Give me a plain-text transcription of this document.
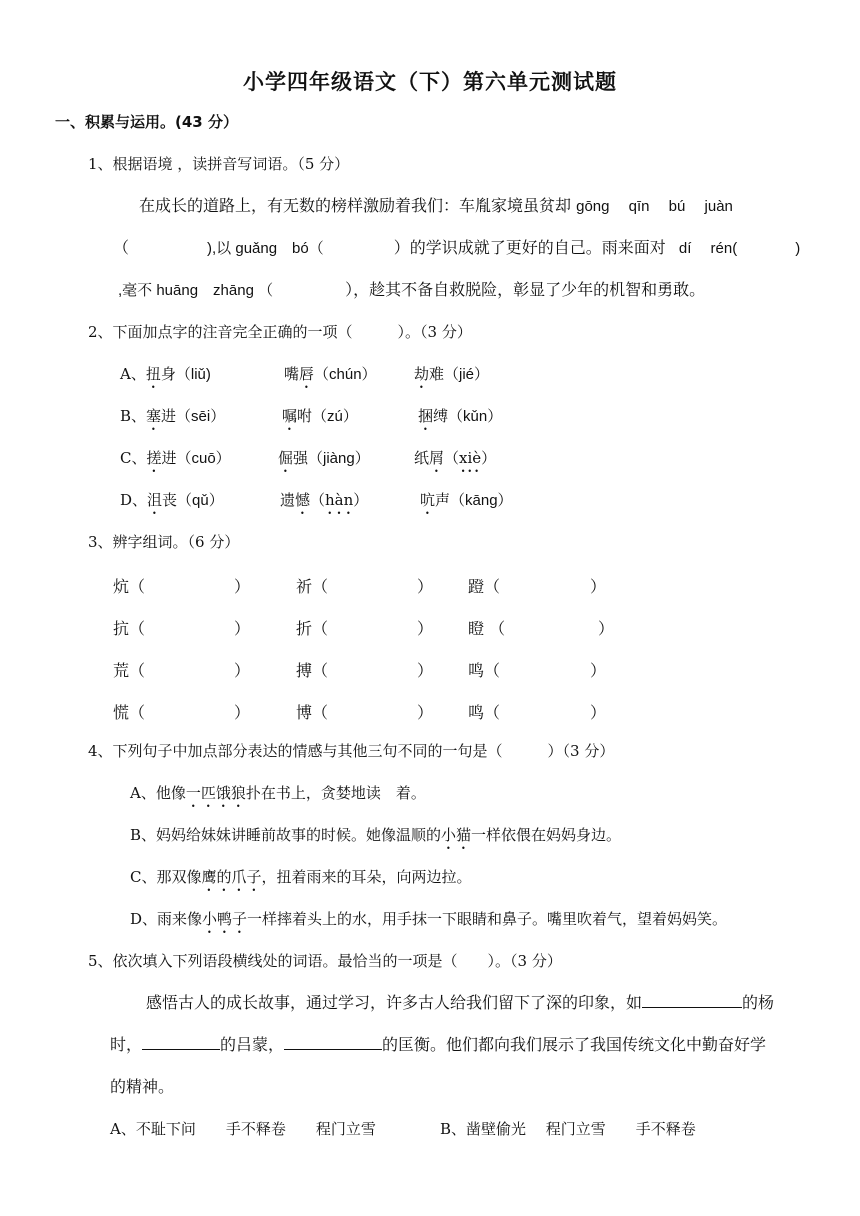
小学四年级语文（下）第六单元测试题
一、积累与运用。(43 分）
1、根据语境 ，读拼音写词语。（5 分）
在成长的道路上，有无数的榜样激励着我们：车胤家境虽贫却 gōng　 qīn　 bú　 juàn
（	),以 guǎng　bó（	）的学识成就了更好的自己。雨来面对 dí　 rén(	)
,毫不 huāng　zhāng （	），趁其不备自救脱险，彰显了少年的机智和勇敢。
2、下面加点字的注音完全正确的一项（　　　）。（3 分）
A、扭身（liǔ)	嘴唇（chún） 劫难（jié）
B、塞进（sēi）	嘱咐（zú）	捆缚（kǔn）
C、搓进（cuō）	倔强（jiàng）	纸屑（xiè）
D、沮丧（qǔ）	遗憾（hàn）	吭声（kāng）
3、辨字组词。（6 分）
炕（	）	祈（	） 蹬（	）
抗（	）	折（	） 瞪 （	）
荒（	）	搏（	） 鸣（	）
慌（	）	博（	） 鸣（	）
4、下列句子中加点部分表达的情感与其他三句不同的一句是（　　　）（3 分）
A、他像一匹饿狼扑在书上，贪婪地读　着。
B、妈妈给妹妹讲睡前故事的时候。她像温顺的小猫一样依偎在妈妈身边。
C、那双像鹰的爪子，扭着雨来的耳朵，向两边拉。
D、雨来像小鸭子一样摔着头上的水，用手抹一下眼睛和鼻子。嘴里吹着气，望着妈妈笑。
5、依次填入下列语段横线处的词语。最恰当的一项是（　　）。（3 分）
感悟古人的成长故事，通过学习，许多古人给我们留下了深的印象，如	的杨
时，	的吕蒙，	的匡衡。他们都向我们展示了我国传统文化中勤奋好学
的精神。
A、不耻下问　　手不释卷　　程门立雪	B、凿壁偷光　 程门立雪　　手不释卷
